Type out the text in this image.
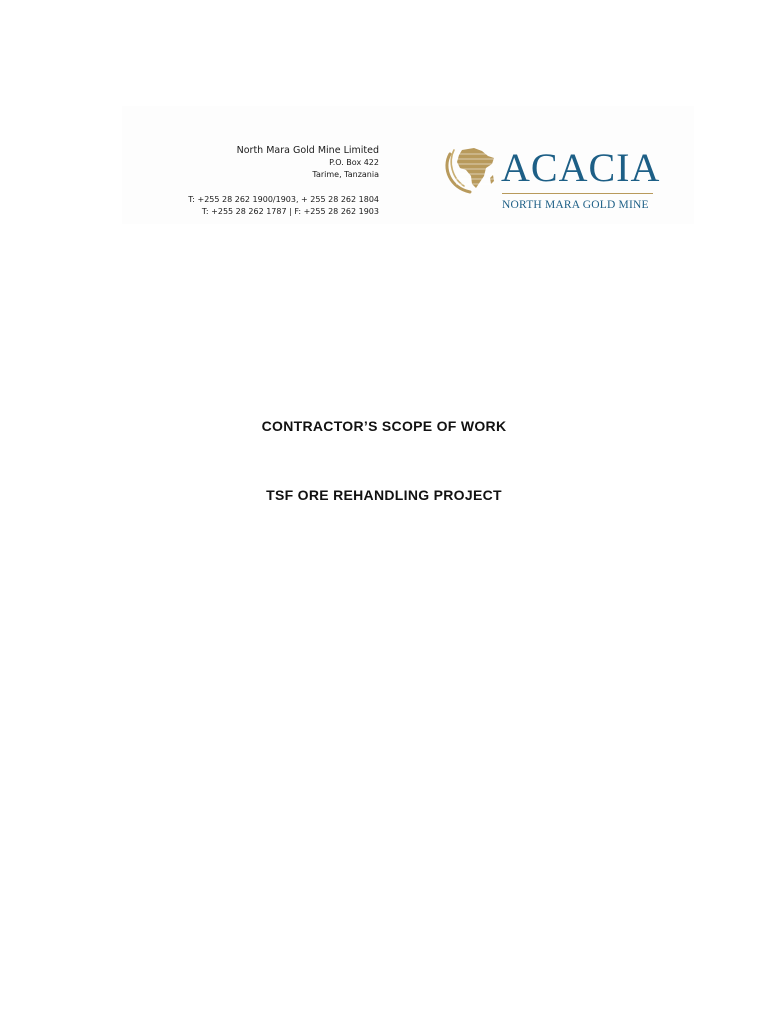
North Mara Gold Mine Limited
P.O. Box 422
Tarime, Tanzania
T: +255 28 262 1900/1903, + 255 28 262 1804
T: +255 28 262 1787 | F: +255 28 262 1903
ACACIA
NORTH MARA GOLD MINE
CONTRACTOR’S SCOPE OF WORK
TSF ORE REHANDLING PROJECT
